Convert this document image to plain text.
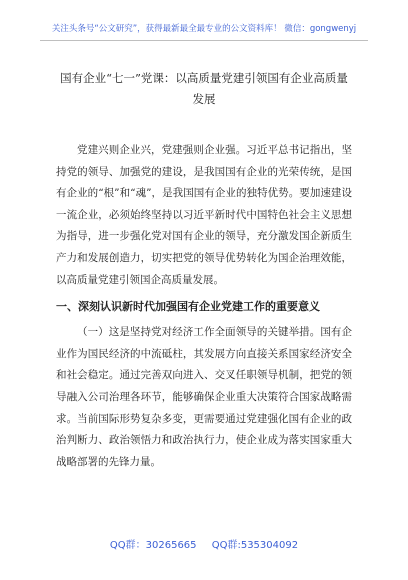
关注头条号“公文研究”，获得最新最全最专业的公文资料库！ 微信：gongwenyj
国有企业“七一”党课：以高质量党建引领国有企业高质量发展

党建兴则企业兴，党建强则企业强。习近平总书记指出，坚持党的领导、加强党的建设，是我国国有企业的光荣传统，是国有企业的“根”和“魂”，是我国国有企业的独特优势。要加速建设一流企业，必须始终坚持以习近平新时代中国特色社会主义思想为指导，进一步强化党对国有企业的领导，充分激发国企新质生产力和发展创造力，切实把党的领导优势转化为国企治理效能，以高质量党建引领国企高质量发展。

一、深刻认识新时代加强国有企业党建工作的重要意义

（一）这是坚持党对经济工作全面领导的关键举措。国有企业作为国民经济的中流砥柱，其发展方向直接关系国家经济安全和社会稳定。通过完善双向进入、交叉任职领导机制，把党的领导融入公司治理各环节，能够确保企业重大决策符合国家战略需求。当前国际形势复杂多变，更需要通过党建强化国有企业的政治判断力、政治领悟力和政治执行力，使企业成为落实国家重大战略部署的先锋力量。

QQ群：30265665 QQ群:535304092
